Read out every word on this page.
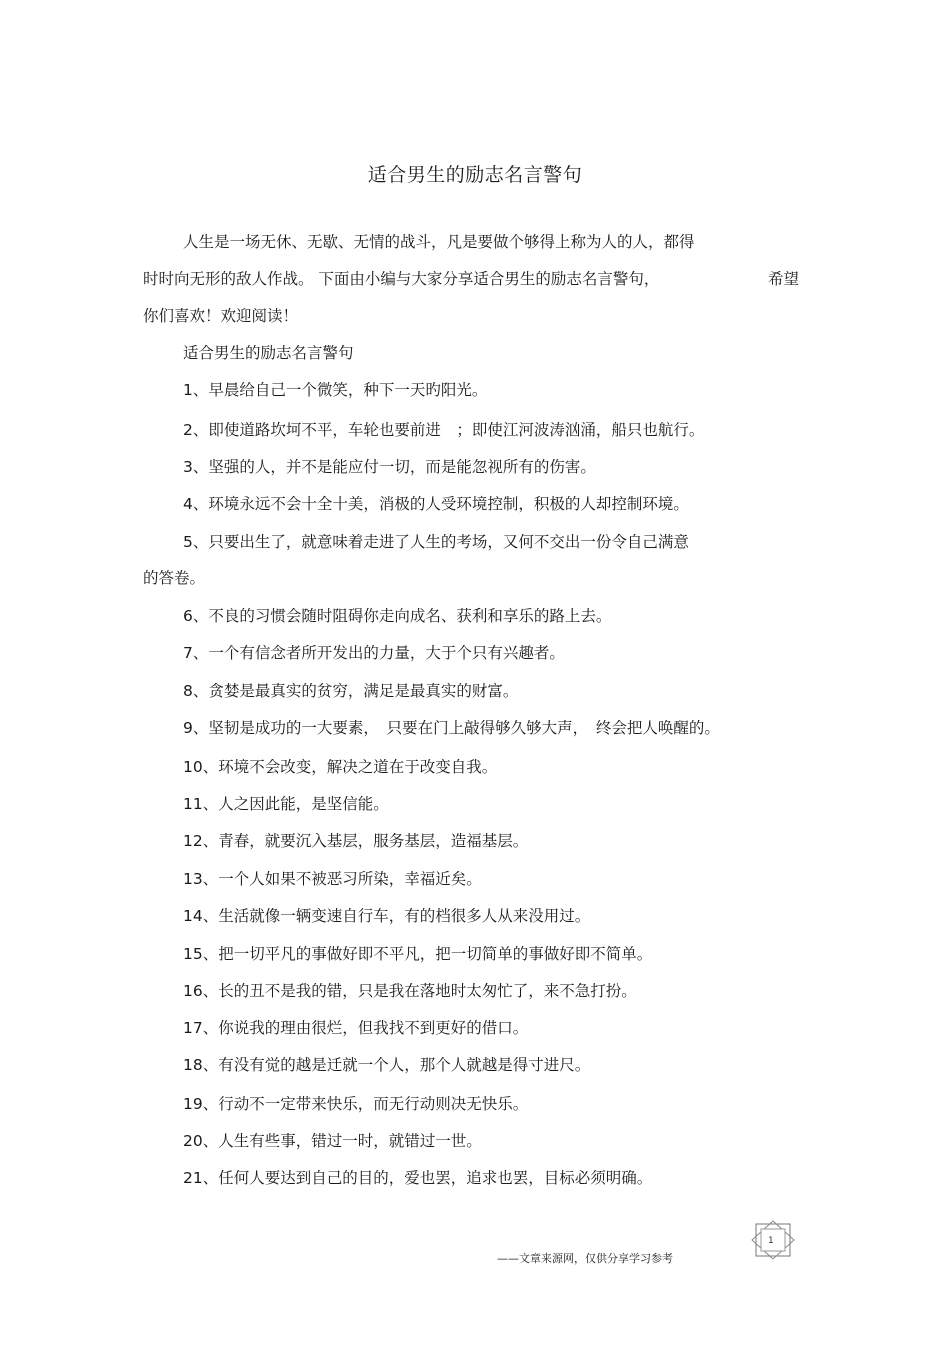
适合男生的励志名言警句
人生是一场无休、无歇、无情的战斗，凡是要做个够得上称为人的人，都得
时时向无形的敌人作战。 下面由小编与大家分享适合男生的励志名言警句，	希望
你们喜欢！欢迎阅读！
适合男生的励志名言警句
1、早晨给自己一个微笑，种下一天旳阳光。
2、即使道路坎坷不平，车轮也要前进　；即使江河波涛汹涌，船只也航行。
3、坚强的人，并不是能应付一切，而是能忽视所有的伤害。
4、环境永远不会十全十美，消极的人受环境控制，积极的人却控制环境。
5、只要出生了，就意味着走进了人生的考场，又何不交出一份令自己满意
的答卷。
6、不良的习惯会随时阻碍你走向成名、获利和享乐的路上去。
7、一个有信念者所开发出的力量，大于个只有兴趣者。
8、贪婪是最真实的贫穷，满足是最真实的财富。
9、坚韧是成功的一大要素，　只要在门上敲得够久够大声，　终会把人唤醒的。
10、环境不会改变，解决之道在于改变自我。
11、人之因此能，是坚信能。
12、青春，就要沉入基层，服务基层，造福基层。
13、一个人如果不被恶习所染，幸福近矣。
14、生活就像一辆变速自行车，有的档很多人从来没用过。
15、把一切平凡的事做好即不平凡，把一切简单的事做好即不简单。
16、长的丑不是我的错，只是我在落地时太匆忙了，来不急打扮。
17、你说我的理由很烂，但我找不到更好的借口。
18、有没有觉的越是迁就一个人，那个人就越是得寸进尺。
19、行动不一定带来快乐，而无行动则决无快乐。
20、人生有些事，错过一时，就错过一世。
21、任何人要达到自己的目的，爱也罢，追求也罢，目标必须明确。
1
——文章来源网，仅供分享学习参考
